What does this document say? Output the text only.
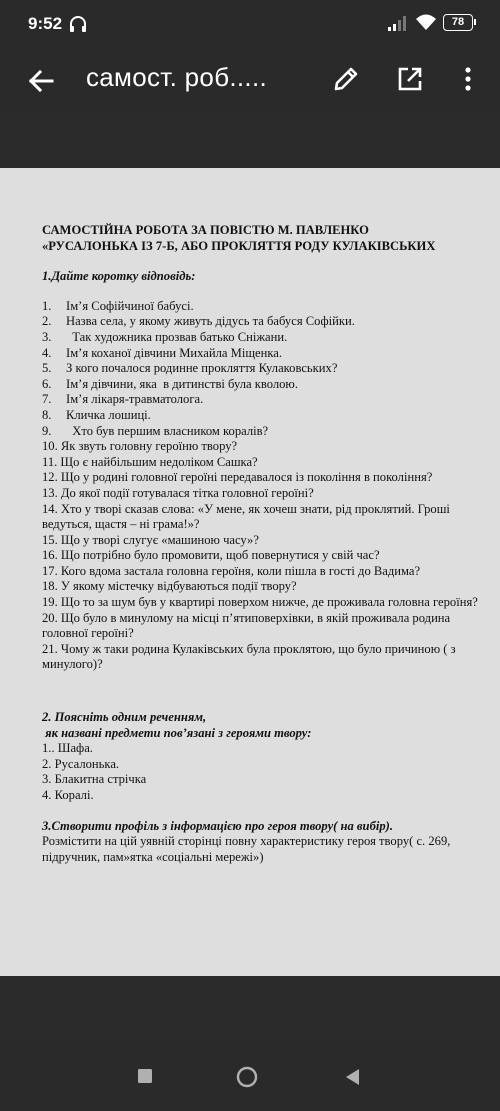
9:52	78
самост. роб.....
САМОСТІЙНА РОБОТА ЗА ПОВІСТЮ М. ПАВЛЕНКО
«РУСАЛОНЬКА ІЗ 7-Б, АБО ПРОКЛЯТТЯ РОДУ КУЛАКІВСЬКИХ
1.Дайте коротку відповідь:
1.	Ім’я Софійчиної бабусі.
2.	Назва села, у якому живуть дідусь та бабуся Софійки.
3.	Так художника прозвав батько Сніжани.
4.	Ім’я коханої дівчини Михайла Міщенка.
5.	З кого почалося родинне прокляття Кулаковських?
6.	Ім’я дівчини, яка  в дитинстві була кволою.
7.	Ім’я лікаря-травматолога.
8.	Кличка лошиці.
9.	Хто був першим власником коралів?
10. Як звуть головну героїню твору?
11. Що є найбільшим недоліком Сашка?
12. Що у родині головної героїні передавалося із покоління в покоління?
13. До якої події готувалася тітка головної героїні?
14. Хто у творі сказав слова: «У мене, як хочеш знати, рід проклятий. Гроші ведуться, щастя – ні грама!»?
15. Що у творі слугує «машиною часу»?
16. Що потрібно було промовити, щоб повернутися у свій час?
17. Кого вдома застала головна героїня, коли пішла в гості до Вадима?
18. У якому містечку відбуваються події твору?
19. Що то за шум був у квартирі поверхом нижче, де проживала головна героїня?
20. Що було в минулому на місці п’ятиповерхівки, в якій проживала родина головної героїні?
21. Чому ж таки родина Кулаківських була проклятою, що було причиною ( з минулого)?
2. Поясніть одним реченням,
як названі предмети пов’язані з героями твору:
1.. Шафа.
2. Русалонька.
3. Блакитна стрічка
4. Коралі.
3.Створити профіль з інформацією про героя твору( на вибір).
Розмістити на цій уявній сторінці повну характеристику героя твору( с. 269, підручник, пам»ятка «соціальні мережі»)
